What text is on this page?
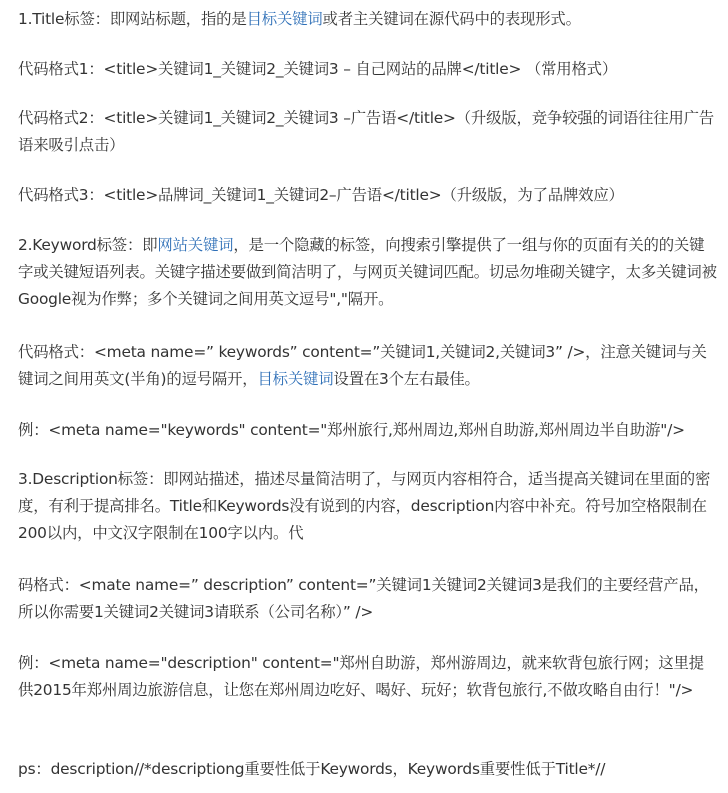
1.Title标签：即网站标题，指的是目标关键词或者主关键词在源代码中的表现形式。

代码格式1：<title>关键词1_关键词2_关键词3 – 自己网站的品牌</title> （常用格式）

代码格式2：<title>关键词1_关键词2_关键词3 –广告语</title>（升级版，竞争较强的词语往往用广告语来吸引点击）

代码格式3：<title>品牌词_关键词1_关键词2–广告语</title>（升级版，为了品牌效应）

2.Keyword标签：即网站关键词，是一个隐藏的标签，向搜索引擎提供了一组与你的页面有关的的关键字或关键短语列表。关键字描述要做到简洁明了，与网页关键词匹配。切忌勿堆砌关键字，太多关键词被Google视为作弊；多个关键词之间用英文逗号","隔开。

代码格式：<meta name=” keywords” content=”关键词1,关键词2,关键词3” />，注意关键词与关键词之间用英文(半角)的逗号隔开，目标关键词设置在3个左右最佳。

例：<meta name="keywords" content="郑州旅行,郑州周边,郑州自助游,郑州周边半自助游"/>

3.Description标签：即网站描述，描述尽量简洁明了，与网页内容相符合，适当提高关键词在里面的密度，有利于提高排名。Title和Keywords没有说到的内容，description内容中补充。符号加空格限制在200以内，中文汉字限制在100字以内。代

码格式：<mate name=” description” content=”关键词1关键词2关键词3是我们的主要经营产品，所以你需要1关键词2关键词3请联系（公司名称）” />

例：<meta name="description" content="郑州自助游，郑州游周边，就来软背包旅行网；这里提供2015年郑州周边旅游信息，让您在郑州周边吃好、喝好、玩好；软背包旅行,不做攻略自由行！"/>

ps：description//*descriptiong重要性低于Keywords，Keywords重要性低于Title*//
